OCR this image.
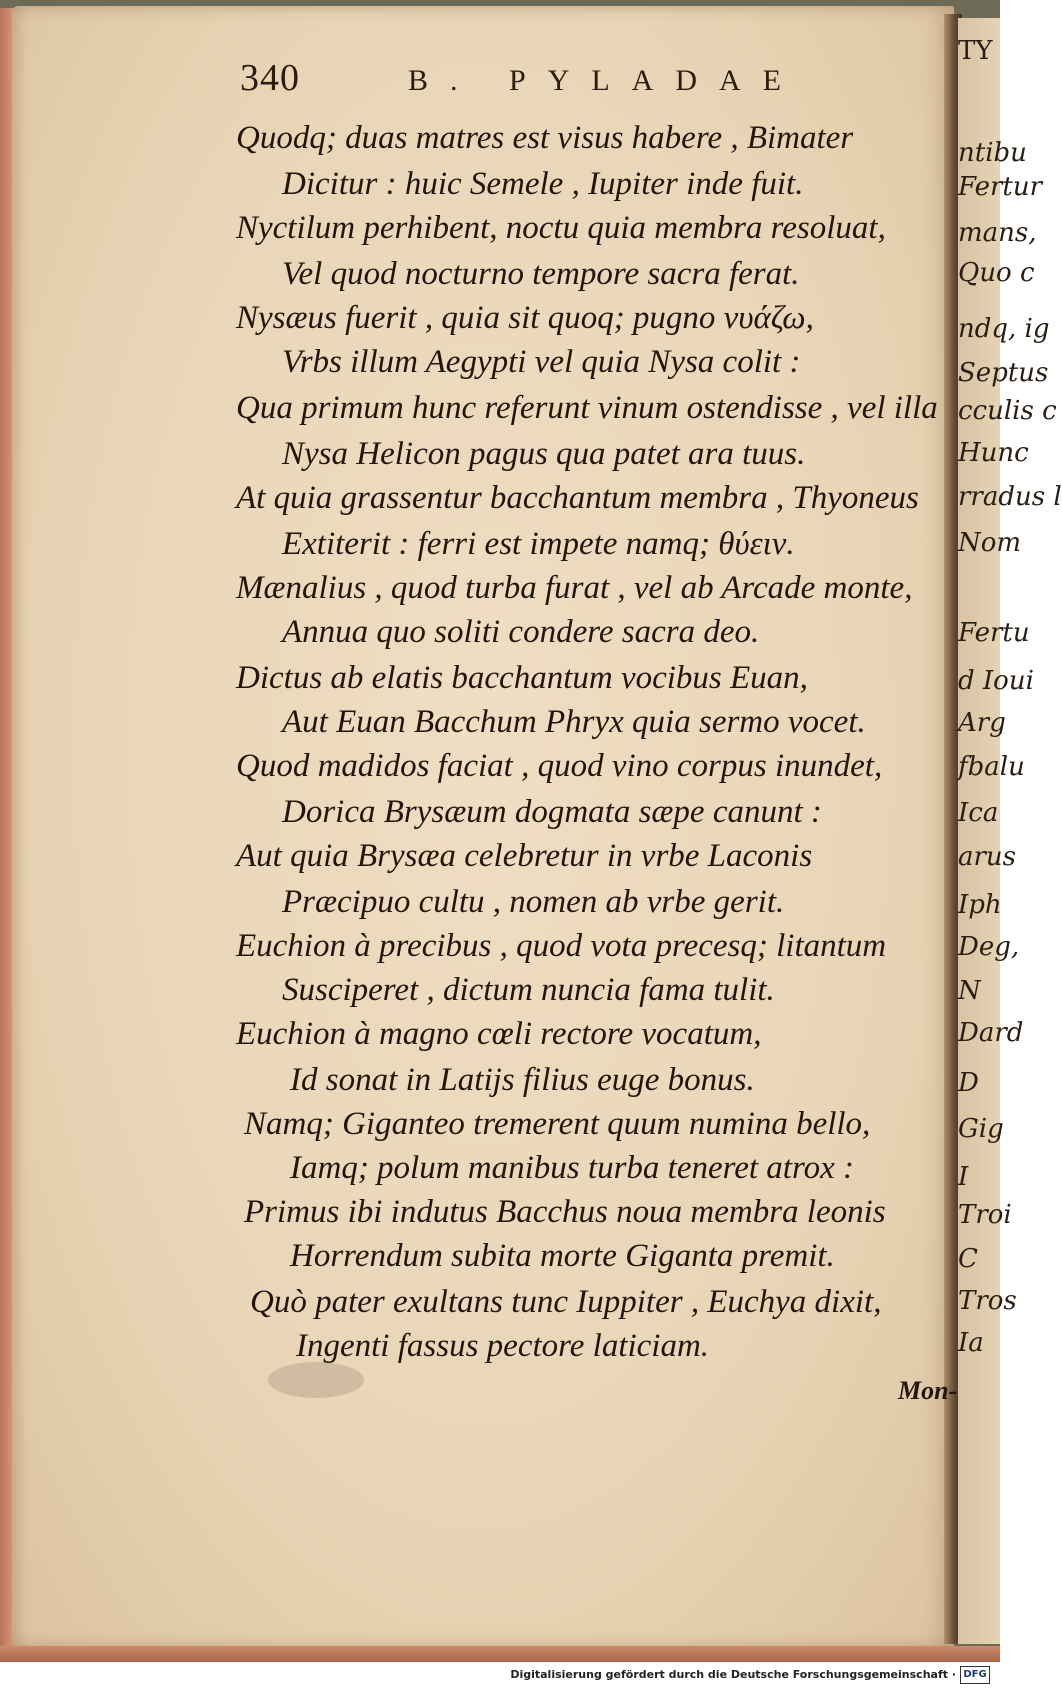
TY
ntibu
Fertur
mans,
Quo c
ndq, ig
Septus
cculis c
Hunc
rradus l
Nom
Fertu
d Ioui
Arg
fbalu
Ica
arus
Iph
Deg,
N
Dard
D
Gig
I
Troi
C
Tros
Ia
340	B. PYLADAE
Quodq; duas matres est visus habere , Bimater
Dicitur : huic Semele , Iupiter inde fuit.
Nyctilum perhibent, noctu quia membra resoluat,
Vel quod nocturno tempore sacra ferat.
Nysæus fuerit , quia sit quoq; pugno νυάζω,
Vrbs illum Aegypti vel quia Nysa colit :
Qua primum hunc referunt vinum ostendisse , vel illa
Nysa Helicon pagus qua patet ara tuus.
At quia grassentur bacchantum membra , Thyoneus
Extiterit : ferri est impete namq; θύειν.
Mænalius , quod turba furat , vel ab Arcade monte,
Annua quo soliti condere sacra deo.
Dictus ab elatis bacchantum vocibus Euan,
Aut Euan Bacchum Phryx quia sermo vocet.
Quod madidos faciat , quod vino corpus inundet,
Dorica Brysæum dogmata sæpe canunt :
Aut quia Brysæa celebretur in vrbe Laconis
Præcipuo cultu , nomen ab vrbe gerit.
Euchion à precibus , quod vota precesq; litantum
Susciperet , dictum nuncia fama tulit.
Euchion à magno cœli rectore vocatum,
Id sonat in Latijs filius euge bonus.
Namq; Giganteo tremerent quum numina bello,
Iamq; polum manibus turba teneret atrox :
Primus ibi indutus Bacchus noua membra leonis
Horrendum subita morte Giganta premit.
Quò pater exultans tunc Iuppiter , Euchya dixit,
Ingenti fassus pectore laticiam.
Mon-
Digitalisierung gefördert durch die Deutsche Forschungsgemeinschaft · DFG
